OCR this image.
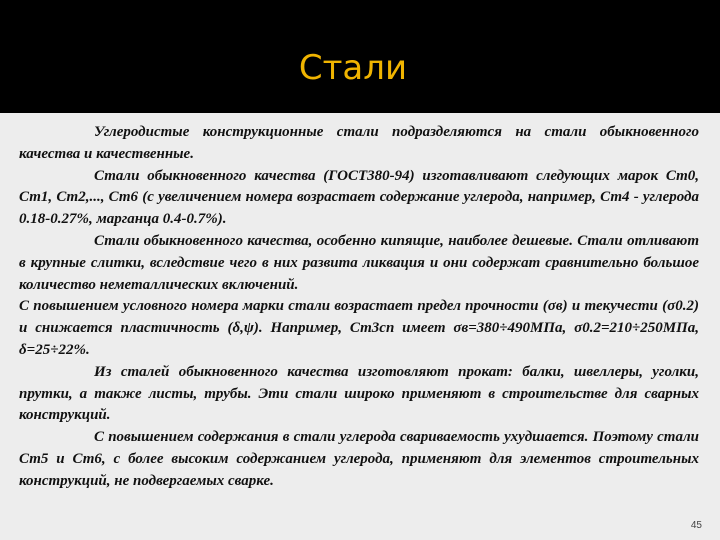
Стали

Углеродистые конструкционные стали подразделяются на стали обыкновенного качества и качественные.

Стали обыкновенного качества (ГОСТ380-94) изготавливают следующих марок Ст0, Ст1, Ст2,..., Ст6 (с увеличением номера возрастает содержание углерода, например, Ст4 - углерода 0.18-0.27%, марганца 0.4-0.7%).

Стали обыкновенного качества, особенно кипящие, наиболее дешевые. Стали отливают в крупные слитки, вследствие чего в них развита ликвация и они содержат сравнительно большое количество неметаллических включений.

С повышением условного номера марки стали возрастает предел прочности (σв) и текучести (σ0.2) и снижается пластичность (δ,ψ). Например, Ст3сп имеет σв=380÷490МПа, σ0.2=210÷250МПа, δ=25÷22%.

Из сталей обыкновенного качества изготовляют прокат: балки, швеллеры, уголки, прутки, а также листы, трубы. Эти стали широко применяют в строительстве для сварных конструкций.

С повышением содержания в стали углерода свариваемость ухудшается. Поэтому стали Ст5 и Ст6, с более высоким содержанием углерода, применяют для элементов строительных конструкций, не подвергаемых сварке.

45
